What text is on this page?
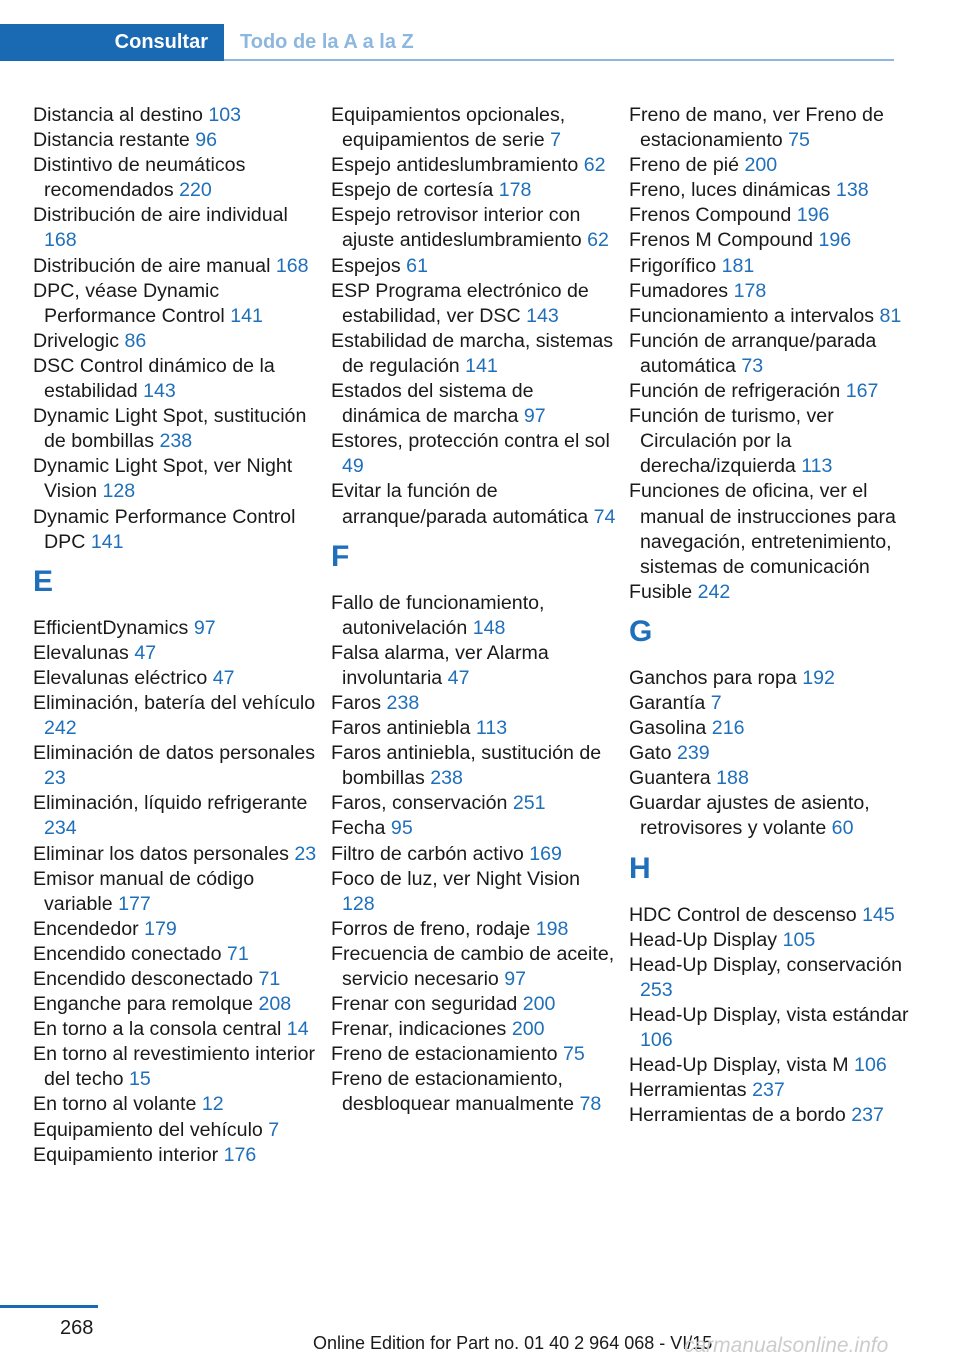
Consultar	Todo de la A a la Z
Distancia al destino 103
Distancia restante 96
Distintivo de neumáticos recomendados 220
Distribución de aire individual 168
Distribución de aire manual 168
DPC, véase Dynamic Performance Control 141
Drivelogic 86
DSC Control dinámico de la estabilidad 143
Dynamic Light Spot, sustitución de bombillas 238
Dynamic Light Spot, ver Night Vision 128
Dynamic Performance Control DPC 141
E
EfficientDynamics 97
Elevalunas 47
Elevalunas eléctrico 47
Eliminación, batería del vehículo 242
Eliminación de datos personales 23
Eliminación, líquido refrigerante 234
Eliminar los datos personales 23
Emisor manual de código variable 177
Encendedor 179
Encendido conectado 71
Encendido desconectado 71
Enganche para remolque 208
En torno a la consola central 14
En torno al revestimiento interior del techo 15
En torno al volante 12
Equipamiento del vehículo 7
Equipamiento interior 176
Equipamientos opcionales, equipamientos de serie 7
Espejo antideslumbramiento 62
Espejo de cortesía 178
Espejo retrovisor interior con ajuste antideslumbramiento 62
Espejos 61
ESP Programa electrónico de estabilidad, ver DSC 143
Estabilidad de marcha, sistemas de regulación 141
Estados del sistema de dinámica de marcha 97
Estores, protección contra el sol 49
Evitar la función de arranque/parada automática 74
F
Fallo de funcionamiento, autonivelación 148
Falsa alarma, ver Alarma involuntaria 47
Faros 238
Faros antiniebla 113
Faros antiniebla, sustitución de bombillas 238
Faros, conservación 251
Fecha 95
Filtro de carbón activo 169
Foco de luz, ver Night Vision 128
Forros de freno, rodaje 198
Frecuencia de cambio de aceite, servicio necesario 97
Frenar con seguridad 200
Frenar, indicaciones 200
Freno de estacionamiento 75
Freno de estacionamiento, desbloquear manualmente 78
Freno de mano, ver Freno de estacionamiento 75
Freno de pié 200
Freno, luces dinámicas 138
Frenos Compound 196
Frenos M Compound 196
Frigorífico 181
Fumadores 178
Funcionamiento a intervalos 81
Función de arranque/parada automática 73
Función de refrigeración 167
Función de turismo, ver Circulación por la derecha/izquierda 113
Funciones de oficina, ver el manual de instrucciones para navegación, entretenimiento, sistemas de comunicación
Fusible 242
G
Ganchos para ropa 192
Garantía 7
Gasolina 216
Gato 239
Guantera 188
Guardar ajustes de asiento, retrovisores y volante 60
H
HDC Control de descenso 145
Head-Up Display 105
Head-Up Display, conservación 253
Head-Up Display, vista estándar 106
Head-Up Display, vista M 106
Herramientas 237
Herramientas de a bordo 237
268
Online Edition for Part no. 01 40 2 964 068 - VI/15
carmanualsonline.info
